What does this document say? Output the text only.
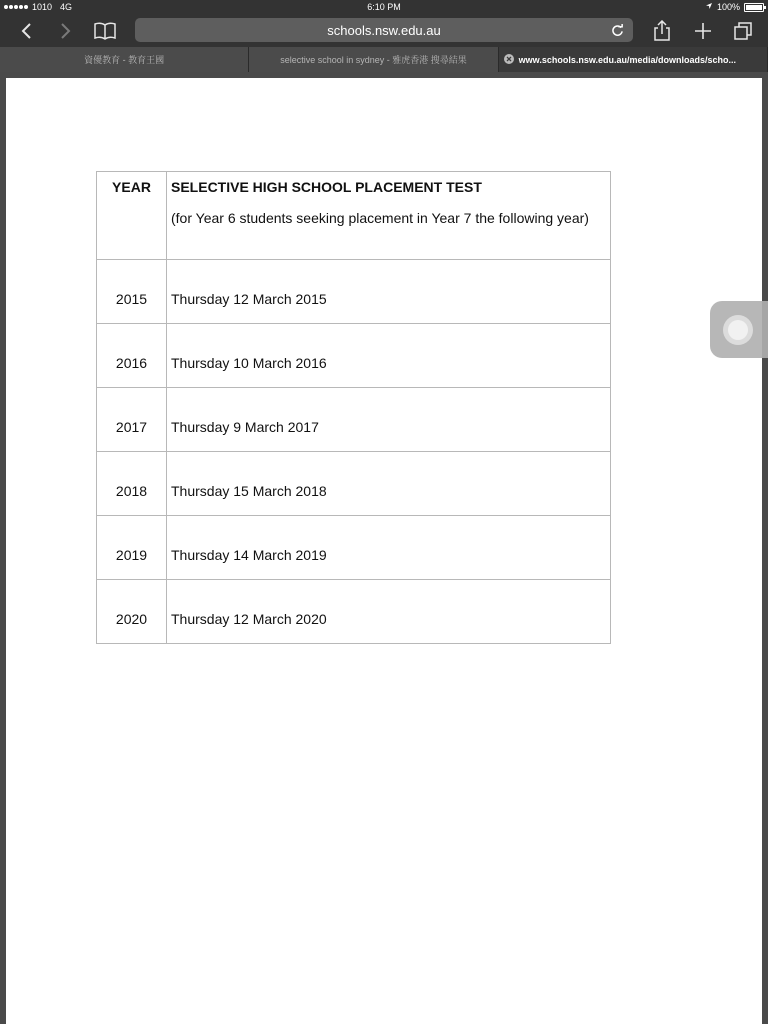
1010 4G	6:10 PM	100%
schools.nsw.edu.au
資優教育 - 教育王國	selective school in sydney - 雅虎香港 搜尋結果	www.schools.nsw.edu.au/media/downloads/scho...
YEAR	SELECTIVE HIGH SCHOOL PLACEMENT TEST
(for Year 6 students seeking placement in Year 7 the following year)

2015	Thursday 12 March 2015
2016	Thursday 10 March 2016
2017	Thursday 9 March 2017
2018	Thursday 15 March 2018
2019	Thursday 14 March 2019
2020	Thursday 12 March 2020
